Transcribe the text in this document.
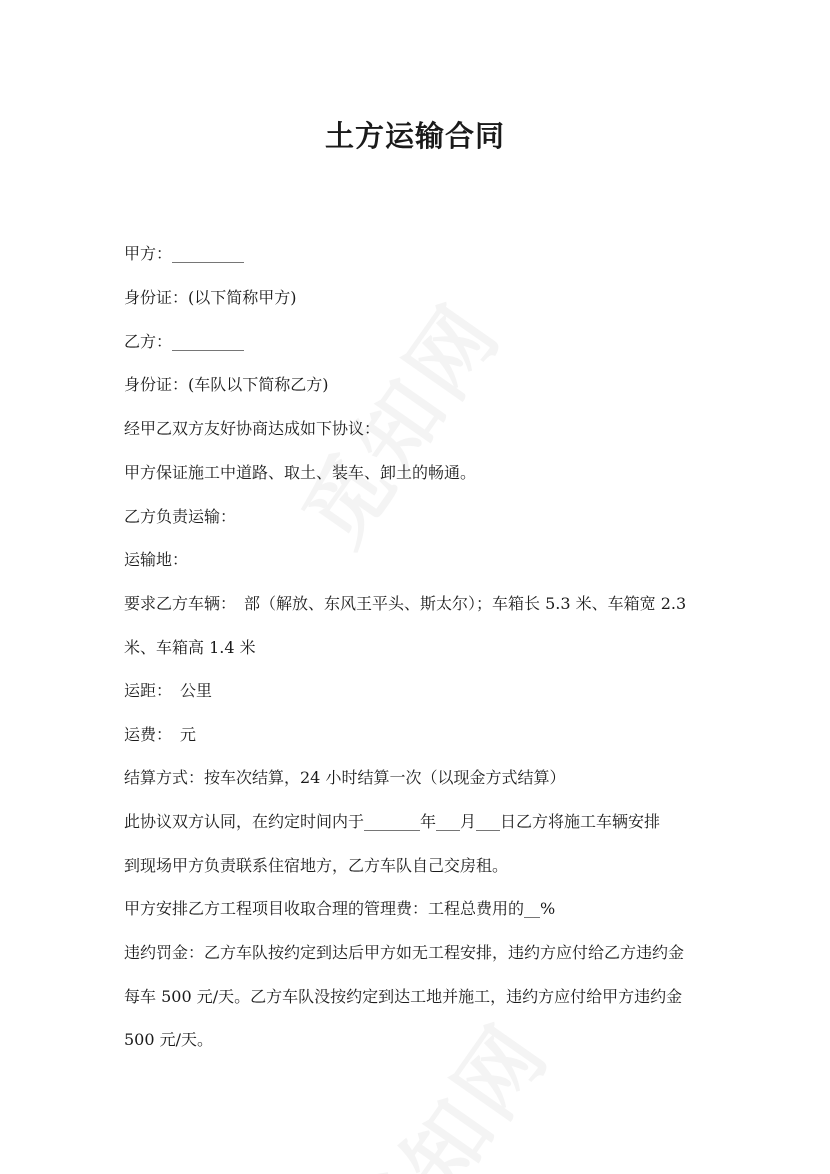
土方运输合同

甲方：_________

身份证：(以下简称甲方)

乙方：_________

身份证：(车队以下简称乙方)

经甲乙双方友好协商达成如下协议：

甲方保证施工中道路、取土、装车、卸土的畅通。

乙方负责运输：

运输地：

要求乙方车辆：　部（解放、东风王平头、斯太尔）；车箱长 5.3 米、车箱宽 2.3

米、车箱高 1.4 米

运距：　公里

运费：　元

结算方式：按车次结算，24 小时结算一次（以现金方式结算）

此协议双方认同，在约定时间内于_______年___月___日乙方将施工车辆安排

到现场甲方负责联系住宿地方，乙方车队自己交房租。

甲方安排乙方工程项目收取合理的管理费：工程总费用的__%

违约罚金：乙方车队按约定到达后甲方如无工程安排，违约方应付给乙方违约金

每车 500 元/天。乙方车队没按约定到达工地并施工，违约方应付给甲方违约金

500 元/天。
